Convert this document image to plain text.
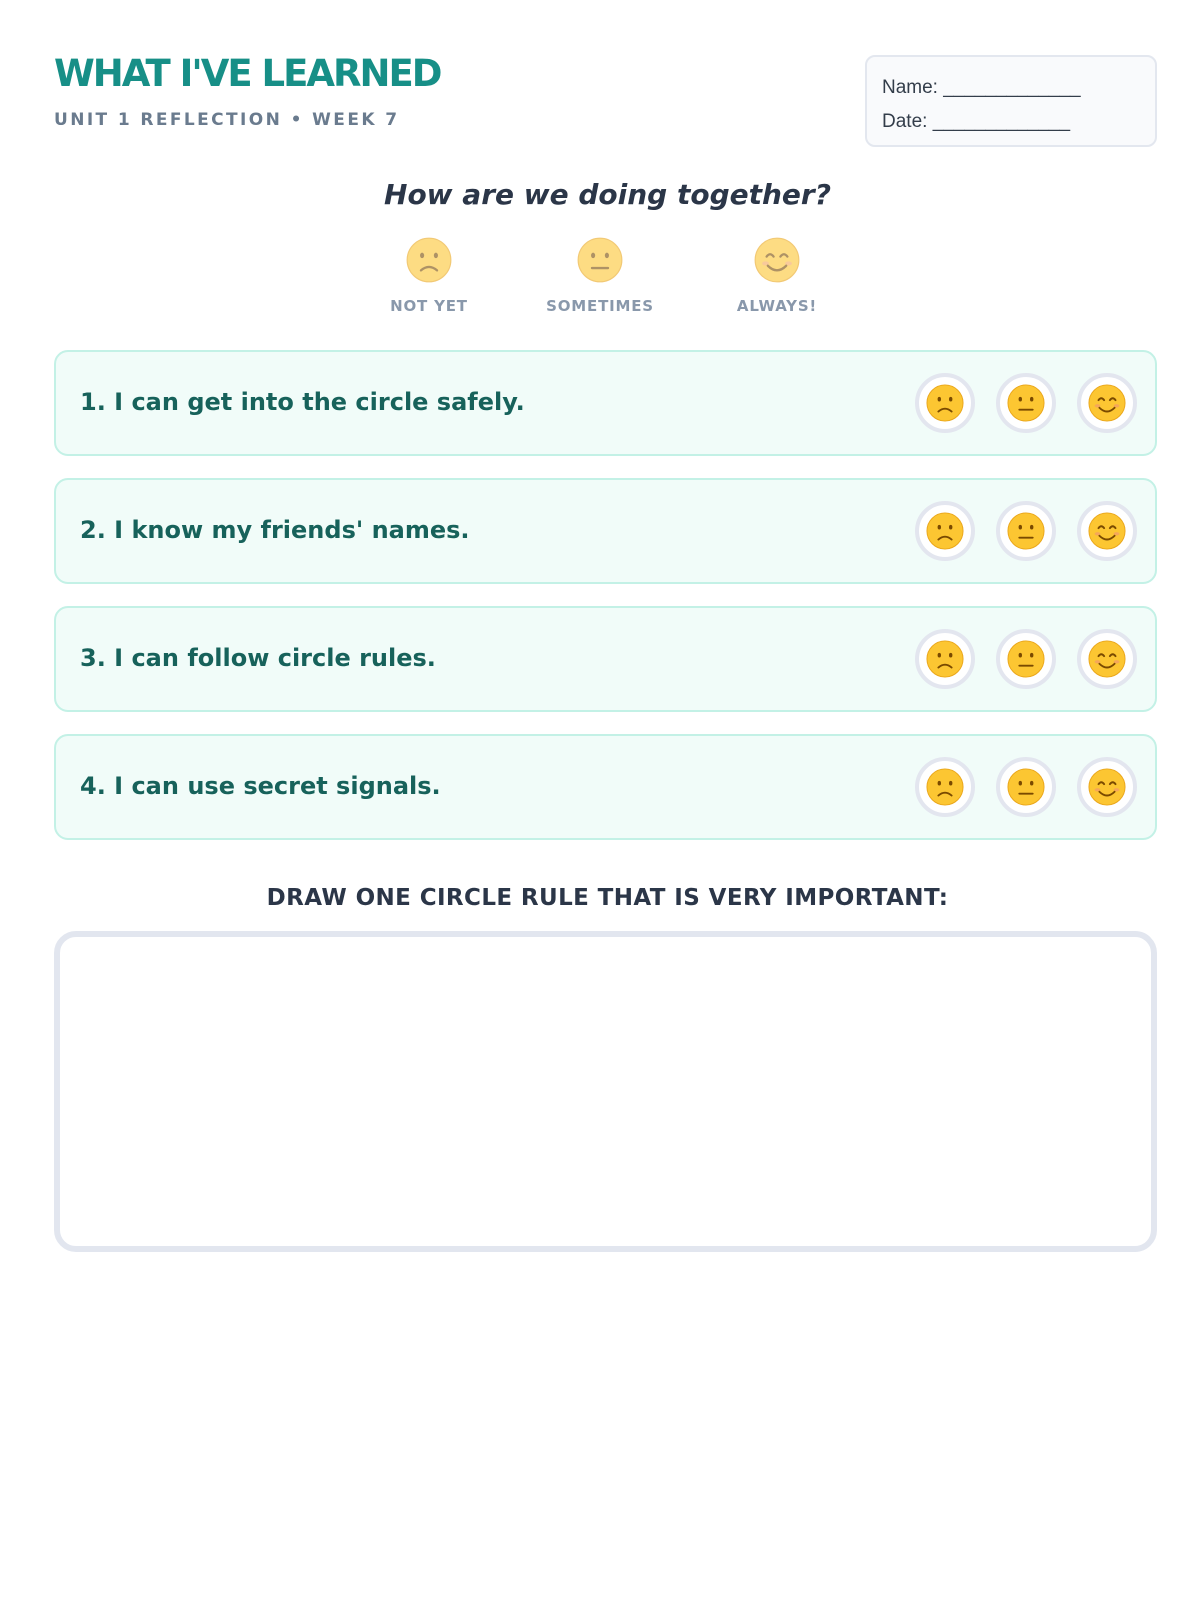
WHAT I'VE LEARNED
UNIT 1 REFLECTION • WEEK 7
Name: _____________
Date: _____________
How are we doing together?
NOT YET	SOMETIMES	ALWAYS!
1. I can get into the circle safely.
2. I know my friends' names.
3. I can follow circle rules.
4. I can use secret signals.
DRAW ONE CIRCLE RULE THAT IS VERY IMPORTANT:
